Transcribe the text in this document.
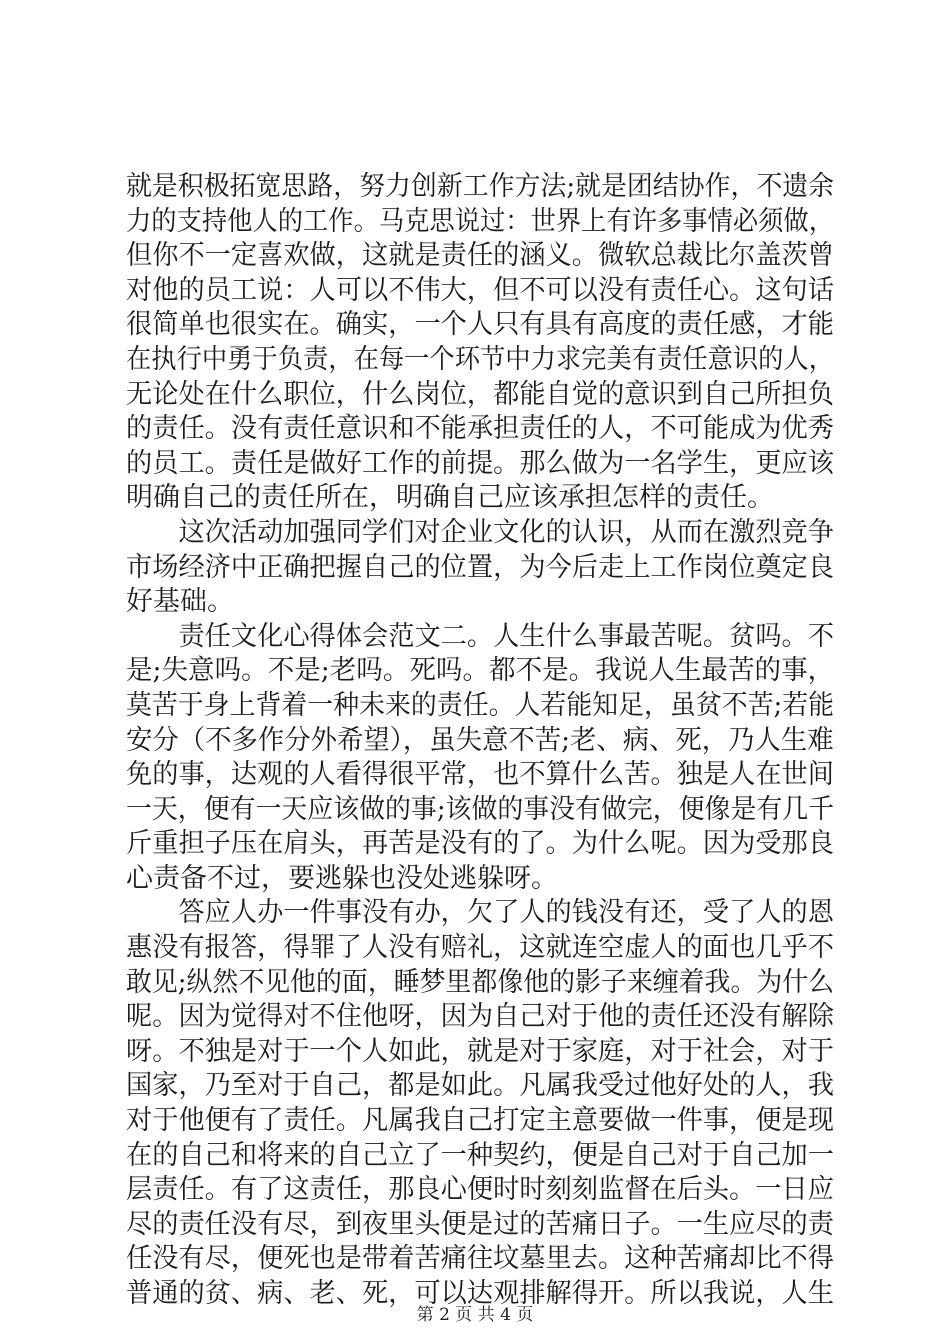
就是积极拓宽思路，努力创新工作方法;就是团结协作，不遗余
力的支持他人的工作。马克思说过：世界上有许多事情必须做，
但你不一定喜欢做，这就是责任的涵义。微软总裁比尔盖茨曾
对他的员工说：人可以不伟大，但不可以没有责任心。这句话
很简单也很实在。确实，一个人只有具有高度的责任感，才能
在执行中勇于负责，在每一个环节中力求完美有责任意识的人，
无论处在什么职位，什么岗位，都能自觉的意识到自己所担负
的责任。没有责任意识和不能承担责任的人，不可能成为优秀
的员工。责任是做好工作的前提。那么做为一名学生，更应该
明确自己的责任所在，明确自己应该承担怎样的责任。
这次活动加强同学们对企业文化的认识，从而在激烈竞争
市场经济中正确把握自己的位置，为今后走上工作岗位奠定良
好基础。
责任文化心得体会范文二。人生什么事最苦呢。贫吗。不
是;失意吗。不是;老吗。死吗。都不是。我说人生最苦的事，
莫苦于身上背着一种未来的责任。人若能知足，虽贫不苦;若能
安分（不多作分外希望），虽失意不苦;老、病、死，乃人生难
免的事，达观的人看得很平常，也不算什么苦。独是人在世间
一天，便有一天应该做的事;该做的事没有做完，便像是有几千
斤重担子压在肩头，再苦是没有的了。为什么呢。因为受那良
心责备不过，要逃躲也没处逃躲呀。
答应人办一件事没有办，欠了人的钱没有还，受了人的恩
惠没有报答，得罪了人没有赔礼，这就连空虚人的面也几乎不
敢见;纵然不见他的面，睡梦里都像他的影子来缠着我。为什么
呢。因为觉得对不住他呀，因为自己对于他的责任还没有解除
呀。不独是对于一个人如此，就是对于家庭，对于社会，对于
国家，乃至对于自己，都是如此。凡属我受过他好处的人，我
对于他便有了责任。凡属我自己打定主意要做一件事，便是现
在的自己和将来的自己立了一种契约，便是自己对于自己加一
层责任。有了这责任，那良心便时时刻刻监督在后头。一日应
尽的责任没有尽，到夜里头便是过的苦痛日子。一生应尽的责
任没有尽，便死也是带着苦痛往坟墓里去。这种苦痛却比不得
普通的贫、病、老、死，可以达观排解得开。所以我说，人生
第 2 页 共 4 页
